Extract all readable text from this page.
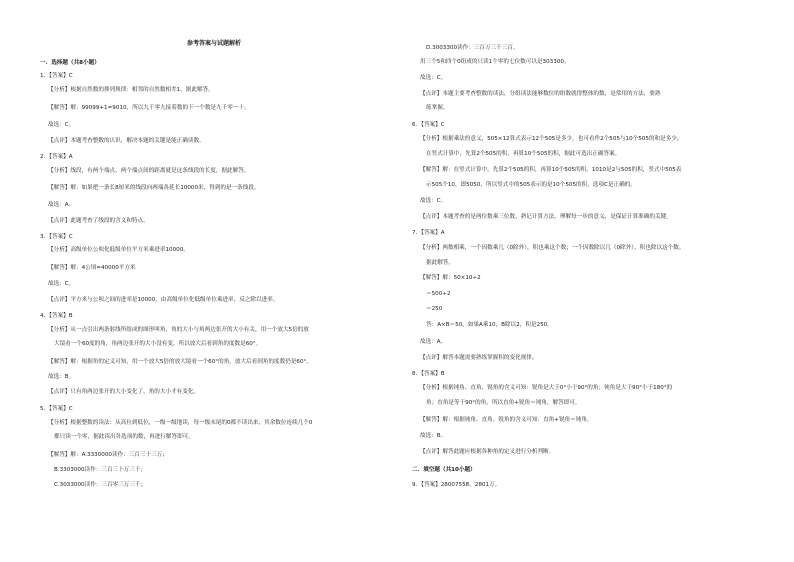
参考答案与试题解析
一．选择题（共8小题）
1．【答案】C
【分析】根据自然数的排列规律：相邻的自然数相差1，据此解答。
【解答】解：99099+1=9010，所以九千零九接着数的下一个数是九千零一十。
故选：C。
【点评】本题考查整数的认识，解决本题的关键是能正确读数。
2．【答案】A
【分析】线段，有两个端点，两个端点间的距离就是这条线段的长度，据此解答。
【解答】解：如果把一条长8厘米的线段向两端各延长10000米，得到的是一条线段。
故选：A。
【点评】此题考查了线段的含义和特点。
3．【答案】C
【分析】高级单位公顷化低级单位平方米乘进率10000。
【解答】解：4公顷=40000平方米
故选：C。
【点评】平方米与公顷之间的进率是10000，由高级单位化低级单位乘进率，反之除以进率。
4．【答案】B
【分析】从一点引出两条射线所组成的图形叫角，角的大小与角两边张开的大小有关，用一个放大5倍的放
大镜看一个60度的角，角两边张开的大小没有变，所以放大后看到角的度数是60°。
【解答】解：根据角的定义可知，用一个放大5倍的放大镜看一个60°的角，放大后看到角的度数仍是60°。
故选：B。
【点评】只有角两边张开的大小变化了，角的大小才有变化。
5．【答案】C
【分析】根据整数的读法：从高位到低位，一级一级地读，每一级末尾的0都不读出来，其余数位连续几个0
都只读一个零，据此读出各选项的数，再进行解答即可。
【解答】解：A.3330000读作：三百三十三万；
B.3303000读作：三百三十万三千；
C.3033000读作：三百零三万三千；
D.3003300读作：三百万三千三百。
用三个5和四个0组成的只读1个零的七位数可以是303300。
故选：C。
【点评】本题主要考查整数的读法，分组读法能够数位的组数就得整体的数，是常用的方法，要熟
练掌握。
6．【答案】C
【分析】根据乘法的意义，505×12算式表示12个505是多少，也可看作2个505与10个505的和是多少，
在竖式计算中，先算2个505的积，再算10个505的积，据此可选出正确答案。
【解答】解：在竖式计算中，先算2个505的积，再算10个505的积，1010是2与505的积，竖式中505表
示505个10，即5050，所以竖式中的505表示的是10个505的积，选项C是正确的。
故选：C。
【点评】本题考查的是两位数乘三位数，熟记计算方法，理解每一步的意义，是保证计算准确的关键。
7．【答案】A
【分析】两数相乘，一个因数乘几（0除外），积也乘这个数；一个因数除以几（0除外），积也除以这个数。
据此解答。
【解答】解：50×10÷2
＝500÷2
＝250
答：A×B＝50，如果A乘10，B除以2，积是250。
故选：A。
【点评】解答本题需要熟练掌握积的变化规律。
8．【答案】B
【分析】根据钝角、直角、锐角的含义可知：锐角是大于0°小于90°的角；钝角是大于90°小于180°的
角；直角是等于90°的角，所以直角+锐角＝钝角，解答即可。
【解答】解：根据钝角、直角、锐角的含义可知：直角+锐角＝钝角。
故选：B。
【点评】解答此题应根据各种角的定义进行分析判断。
二．填空题（共10小题）
9．【答案】28007558，2801万。
